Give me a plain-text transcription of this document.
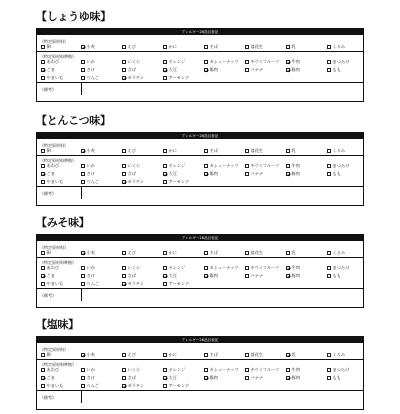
【しょうゆ味】
アレルギー28品目表記
《特定原材料》
卵	小麦	えび	かに	そば	落花生	乳	くるみ
《特定原材料準拠》
あわび	いか	いくら	オレンジ	カシューナッツ	キウイフルーツ	牛肉	まつたけ
ごま	さけ	さば	大豆	鶏肉	バナナ	豚肉	もも
やまいも	りんご	ゼラチン	アーモンド
《備考》
【とんこつ味】
アレルギー28品目表記
《特定原材料》
卵	小麦	えび	かに	そば	落花生	乳	くるみ
《特定原材料準拠》
あわび	いか	いくら	オレンジ	カシューナッツ	キウイフルーツ	牛肉	まつたけ
ごま	さけ	さば	大豆	鶏肉	バナナ	豚肉	もも
やまいも	りんご	ゼラチン	アーモンド
《備考》
【みそ味】
アレルギー28品目表記
《特定原材料》
卵	小麦	えび	かに	そば	落花生	乳	くるみ
《特定原材料準拠》
あわび	いか	いくら	オレンジ	カシューナッツ	キウイフルーツ	牛肉	まつたけ
ごま	さけ	さば	大豆	鶏肉	バナナ	豚肉	もも
やまいも	りんご	ゼラチン	アーモンド
《備考》
【塩味】
アレルギー28品目表記
《特定原材料》
卵	小麦	えび	かに	そば	落花生	乳	くるみ
《特定原材料準拠》
あわび	いか	いくら	オレンジ	カシューナッツ	キウイフルーツ	牛肉	まつたけ
ごま	さけ	さば	大豆	鶏肉	バナナ	豚肉	もも
やまいも	りんご	ゼラチン	アーモンド
《備考》
